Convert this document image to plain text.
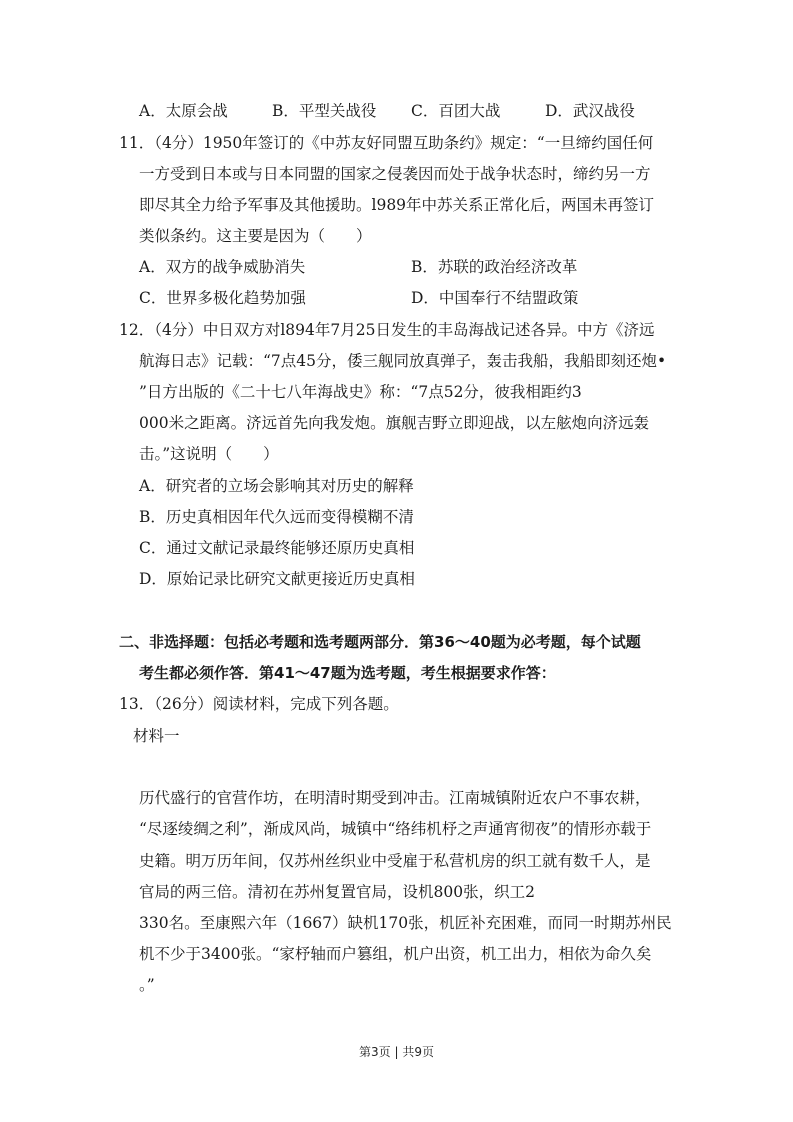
A．太原会战	B．平型关战役 C．百团大战	D．武汉战役
11．（4分）1950年签订的《中苏友好同盟互助条约》规定：“一旦缔约国任何
一方受到日本或与日本同盟的国家之侵袭因而处于战争状态时，缔约另一方
即尽其全力给予军事及其他援助。l989年中苏关系正常化后，两国未再签订
类似条约。这主要是因为（　　）
A．双方的战争威胁消失	B．苏联的政治经济改革
C．世界多极化趋势加强	D．中国奉行不结盟政策
12．（4分）中日双方对l894年7月25日发生的丰岛海战记述各异。中方《济远
航海日志》记载：“7点45分，倭三舰同放真弹子，轰击我船，我船即刻还炮•
”日方出版的《二十七八年海战史》称：“7点52分，彼我相距约3
000米之距离。济远首先向我发炮。旗舰吉野立即迎战，以左舷炮向济远轰
击。”这说明（　　）
A．研究者的立场会影响其对历史的解释
B．历史真相因年代久远而变得模糊不清
C．通过文献记录最终能够还原历史真相
D．原始记录比研究文献更接近历史真相
二、非选择题：包括必考题和选考题两部分．第36～40题为必考题，每个试题
考生都必须作答．第41～47题为选考题，考生根据要求作答：
13．（26分）阅读材料，完成下列各题。
材料一
历代盛行的官营作坊，在明清时期受到冲击。江南城镇附近农户不事农耕，
“尽逐绫绸之利”，渐成风尚，城镇中“络纬机杼之声通宵彻夜”的情形亦载于
史籍。明万历年间，仅苏州丝织业中受雇于私营机房的织工就有数千人，是
官局的两三倍。清初在苏州复置官局，设机800张，织工2
330名。至康熙六年（1667）缺机170张，机匠补充困难，而同一时期苏州民
机不少于3400张。“家杼轴而户篡组，机户出资，机工出力，相依为命久矣
。”
第3页 | 共9页
